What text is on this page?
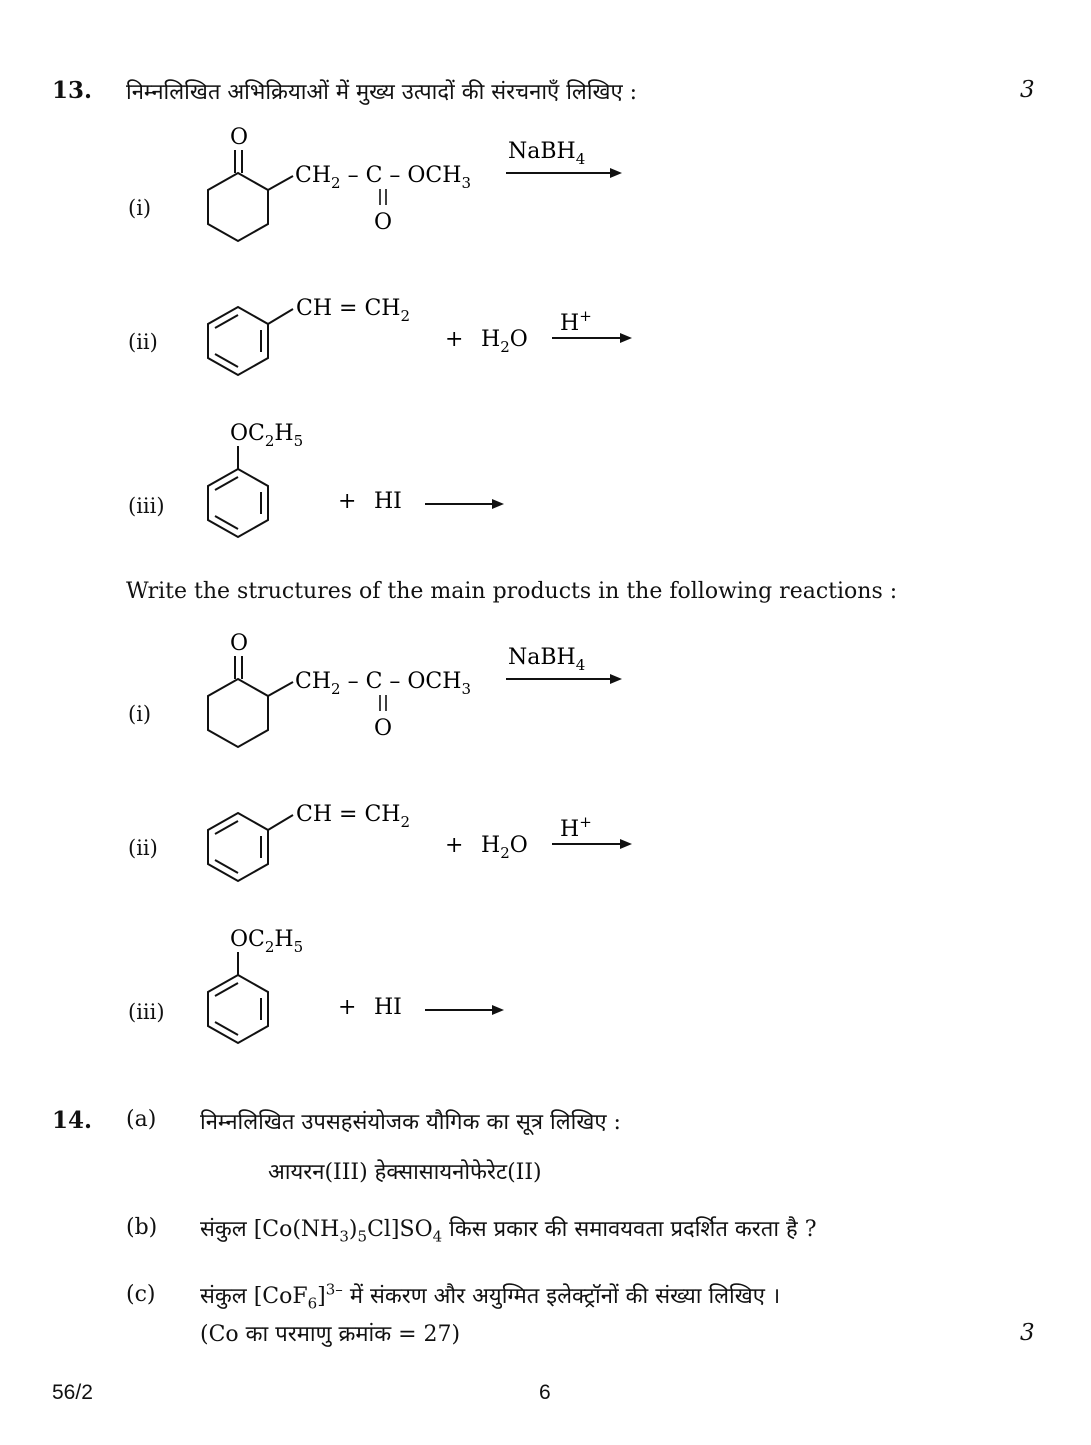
13. निम्नलिखित अभिक्रियाओं में मुख्य उत्पादों की संरचनाएँ लिखिए :	3
(i)
O
$CH_2$ – C – $OCH_3$
O
NaBH$_4$
(ii)
CH = $CH_2$
+ $H_2O$
H+
(iii)
$OC_2H_5$
+ HI
Write the structures of the main products in the following reactions :
(i)
O
$CH_2$ – C – $OCH_3$
O
NaBH$_4$
(ii)
CH = $CH_2$
+ $H_2O$
H+
(iii)
$OC_2H_5$
+ HI
14. (a) निम्नलिखित उपसहसंयोजक यौगिक का सूत्र लिखिए :
आयरन(III) हेक्सासायनोफेरेट(II)
(b) संकुल $[Co(NH_3)_5Cl]SO_4$ किस प्रकार की समावयवता प्रदर्शित करता है ?
(c) संकुल $[CoF_6]^{3-}$ में संकरण और अयुग्मित इलेक्ट्रॉनों की संख्या लिखिए ।
(Co का परमाणु क्रमांक = 27)	3
56/2	6
